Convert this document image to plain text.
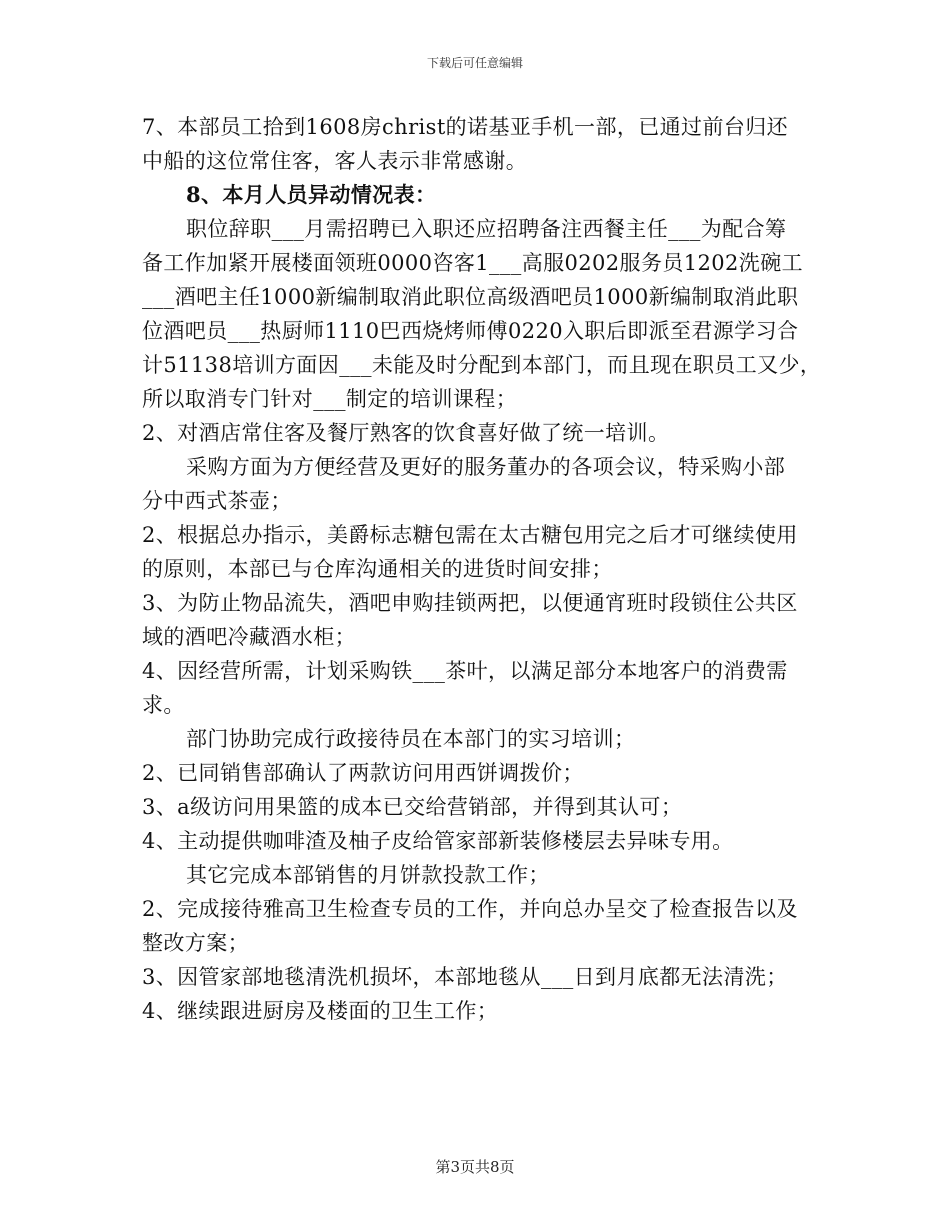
下载后可任意编辑
7、本部员工拾到1608房christ的诺基亚手机一部，已通过前台归还
中船的这位常住客，客人表示非常感谢。
8、本月人员异动情况表：
职位辞职___月需招聘已入职还应招聘备注西餐主任___为配合筹
备工作加紧开展楼面领班0000咨客1___高服0202服务员1202洗碗工
___酒吧主任1000新编制取消此职位高级酒吧员1000新编制取消此职
位酒吧员___热厨师1110巴西烧烤师傅0220入职后即派至君源学习合
计51138培训方面因___未能及时分配到本部门，而且现在职员工又少，
所以取消专门针对___制定的培训课程；
2、对酒店常住客及餐厅熟客的饮食喜好做了统一培训。
采购方面为方便经营及更好的服务董办的各项会议，特采购小部
分中西式茶壶；
2、根据总办指示，美爵标志糖包需在太古糖包用完之后才可继续使用
的原则，本部已与仓库沟通相关的进货时间安排；
3、为防止物品流失，酒吧申购挂锁两把，以便通宵班时段锁住公共区
域的酒吧冷藏酒水柜；
4、因经营所需，计划采购铁___茶叶，以满足部分本地客户的消费需
求。
部门协助完成行政接待员在本部门的实习培训；
2、已同销售部确认了两款访问用西饼调拨价；
3、a级访问用果篮的成本已交给营销部，并得到其认可；
4、主动提供咖啡渣及柚子皮给管家部新装修楼层去异味专用。
其它完成本部销售的月饼款投款工作；
2、完成接待雅高卫生检查专员的工作，并向总办呈交了检查报告以及
整改方案；
3、因管家部地毯清洗机损坏，本部地毯从___日到月底都无法清洗；
4、继续跟进厨房及楼面的卫生工作；
第3页共8页
